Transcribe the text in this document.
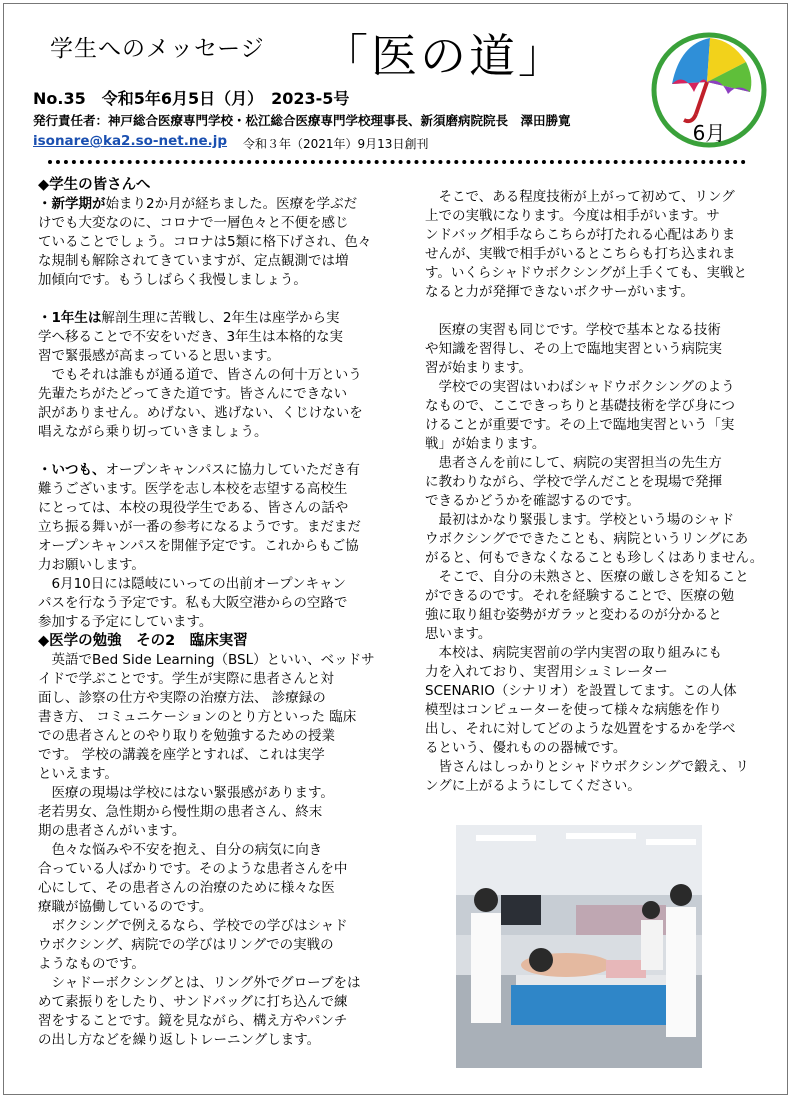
学生へのメッセージ 「医の道」
No.35　令和5年6月5日（月）　2023-5号
発行責任者：神戸総合医療専門学校・松江総合医療専門学校理事長、新須磨病院院長　澤田勝寛
isonare@ka2.so-net.ne.jp 令和３年（2021年）9月13日創刊	6月

◆学生の皆さんへ

・新学期が始まり2か月が経ちました。医療を学ぶだ

けでも大変なのに、コロナで一層色々と不便を感じ

ていることでしょう。コロナは5類に格下げされ、色々

な規制も解除されてきていますが、定点観測では増

加傾向です。もうしばらく我慢しましょう。

・1年生は解剖生理に苦戦し、2年生は座学から実

学へ移ることで不安をいだき、3年生は本格的な実

習で緊張感が高まっていると思います。

　でもそれは誰もが通る道で、皆さんの何十万という

先輩たちがたどってきた道です。皆さんにできない

訳がありません。めげない、逃げない、くじけないを

唱えながら乗り切っていきましょう。

・いつも、オープンキャンパスに協力していただき有

難うございます。医学を志し本校を志望する高校生

にとっては、本校の現役学生である、皆さんの話や

立ち振る舞いが一番の参考になるようです。まだまだ

オープンキャンパスを開催予定です。これからもご協

力お願いします。

　6月10日には隠岐にいっての出前オープンキャン

パスを行なう予定です。私も大阪空港からの空路で

参加する予定にしています。

◆医学の勉強　その2　臨床実習

　英語でBed Side Learning（BSL）といい、ベッドサ

イドで学ぶことです。学生が実際に患者さんと対

面し、診察の仕方や実際の治療方法、 診療録の

書き方、 コミュニケーションのとり方といった 臨床

での患者さんとのやり取りを勉強するための授業

です。 学校の講義を座学とすれば、これは実学

といえます。

　医療の現場は学校にはない緊張感があります。

老若男女、急性期から慢性期の患者さん、終末

期の患者さんがいます。

　色々な悩みや不安を抱え、自分の病気に向き

合っている人ばかりです。そのような患者さんを中

心にして、その患者さんの治療のために様々な医

療職が協働しているのです。

　ボクシングで例えるなら、学校での学びはシャド

ウボクシング、病院での学びはリングでの実戦の

ようなものです。

　シャドーボクシングとは、リング外でグローブをは

めて素振りをしたり、サンドバッグに打ち込んで練

習をすることです。鏡を見ながら、構え方やパンチ

の出し方などを繰り返しトレーニングします。

　そこで、ある程度技術が上がって初めて、リング

上での実戦になります。今度は相手がいます。サ

ンドバッグ相手ならこちらが打たれる心配はありま

せんが、実戦で相手がいるとこちらも打ち込まれま

す。いくらシャドウボクシングが上手くても、実戦と

なると力が発揮できないボクサーがいます。

　医療の実習も同じです。学校で基本となる技術

や知識を習得し、その上で臨地実習という病院実

習が始まります。

　学校での実習はいわばシャドウボクシングのよう

なもので、ここできっちりと基礎技術を学び身につ

けることが重要です。その上で臨地実習という「実

戦」が始まります。

　患者さんを前にして、病院の実習担当の先生方

に教わりながら、学校で学んだことを現場で発揮

できるかどうかを確認するのです。

　最初はかなり緊張します。学校という場のシャド

ウボクシングでできたことも、病院というリングにあ

がると、何もできなくなることも珍しくはありません。

　そこで、自分の未熟さと、医療の厳しさを知ること

ができるのです。それを経験することで、医療の勉

強に取り組む姿勢がガラッと変わるのが分かると

思います。

　本校は、病院実習前の学内実習の取り組みにも

力を入れており、実習用シュミレーター

SCENARIO（シナリオ）を設置してます。この人体

模型はコンピューターを使って様々な病態を作り

出し、それに対してどのような処置をするかを学べ

るという、優れものの器械です。

　皆さんはしっかりとシャドウボクシングで鍛え、リ

ングに上がるようにしてください。
